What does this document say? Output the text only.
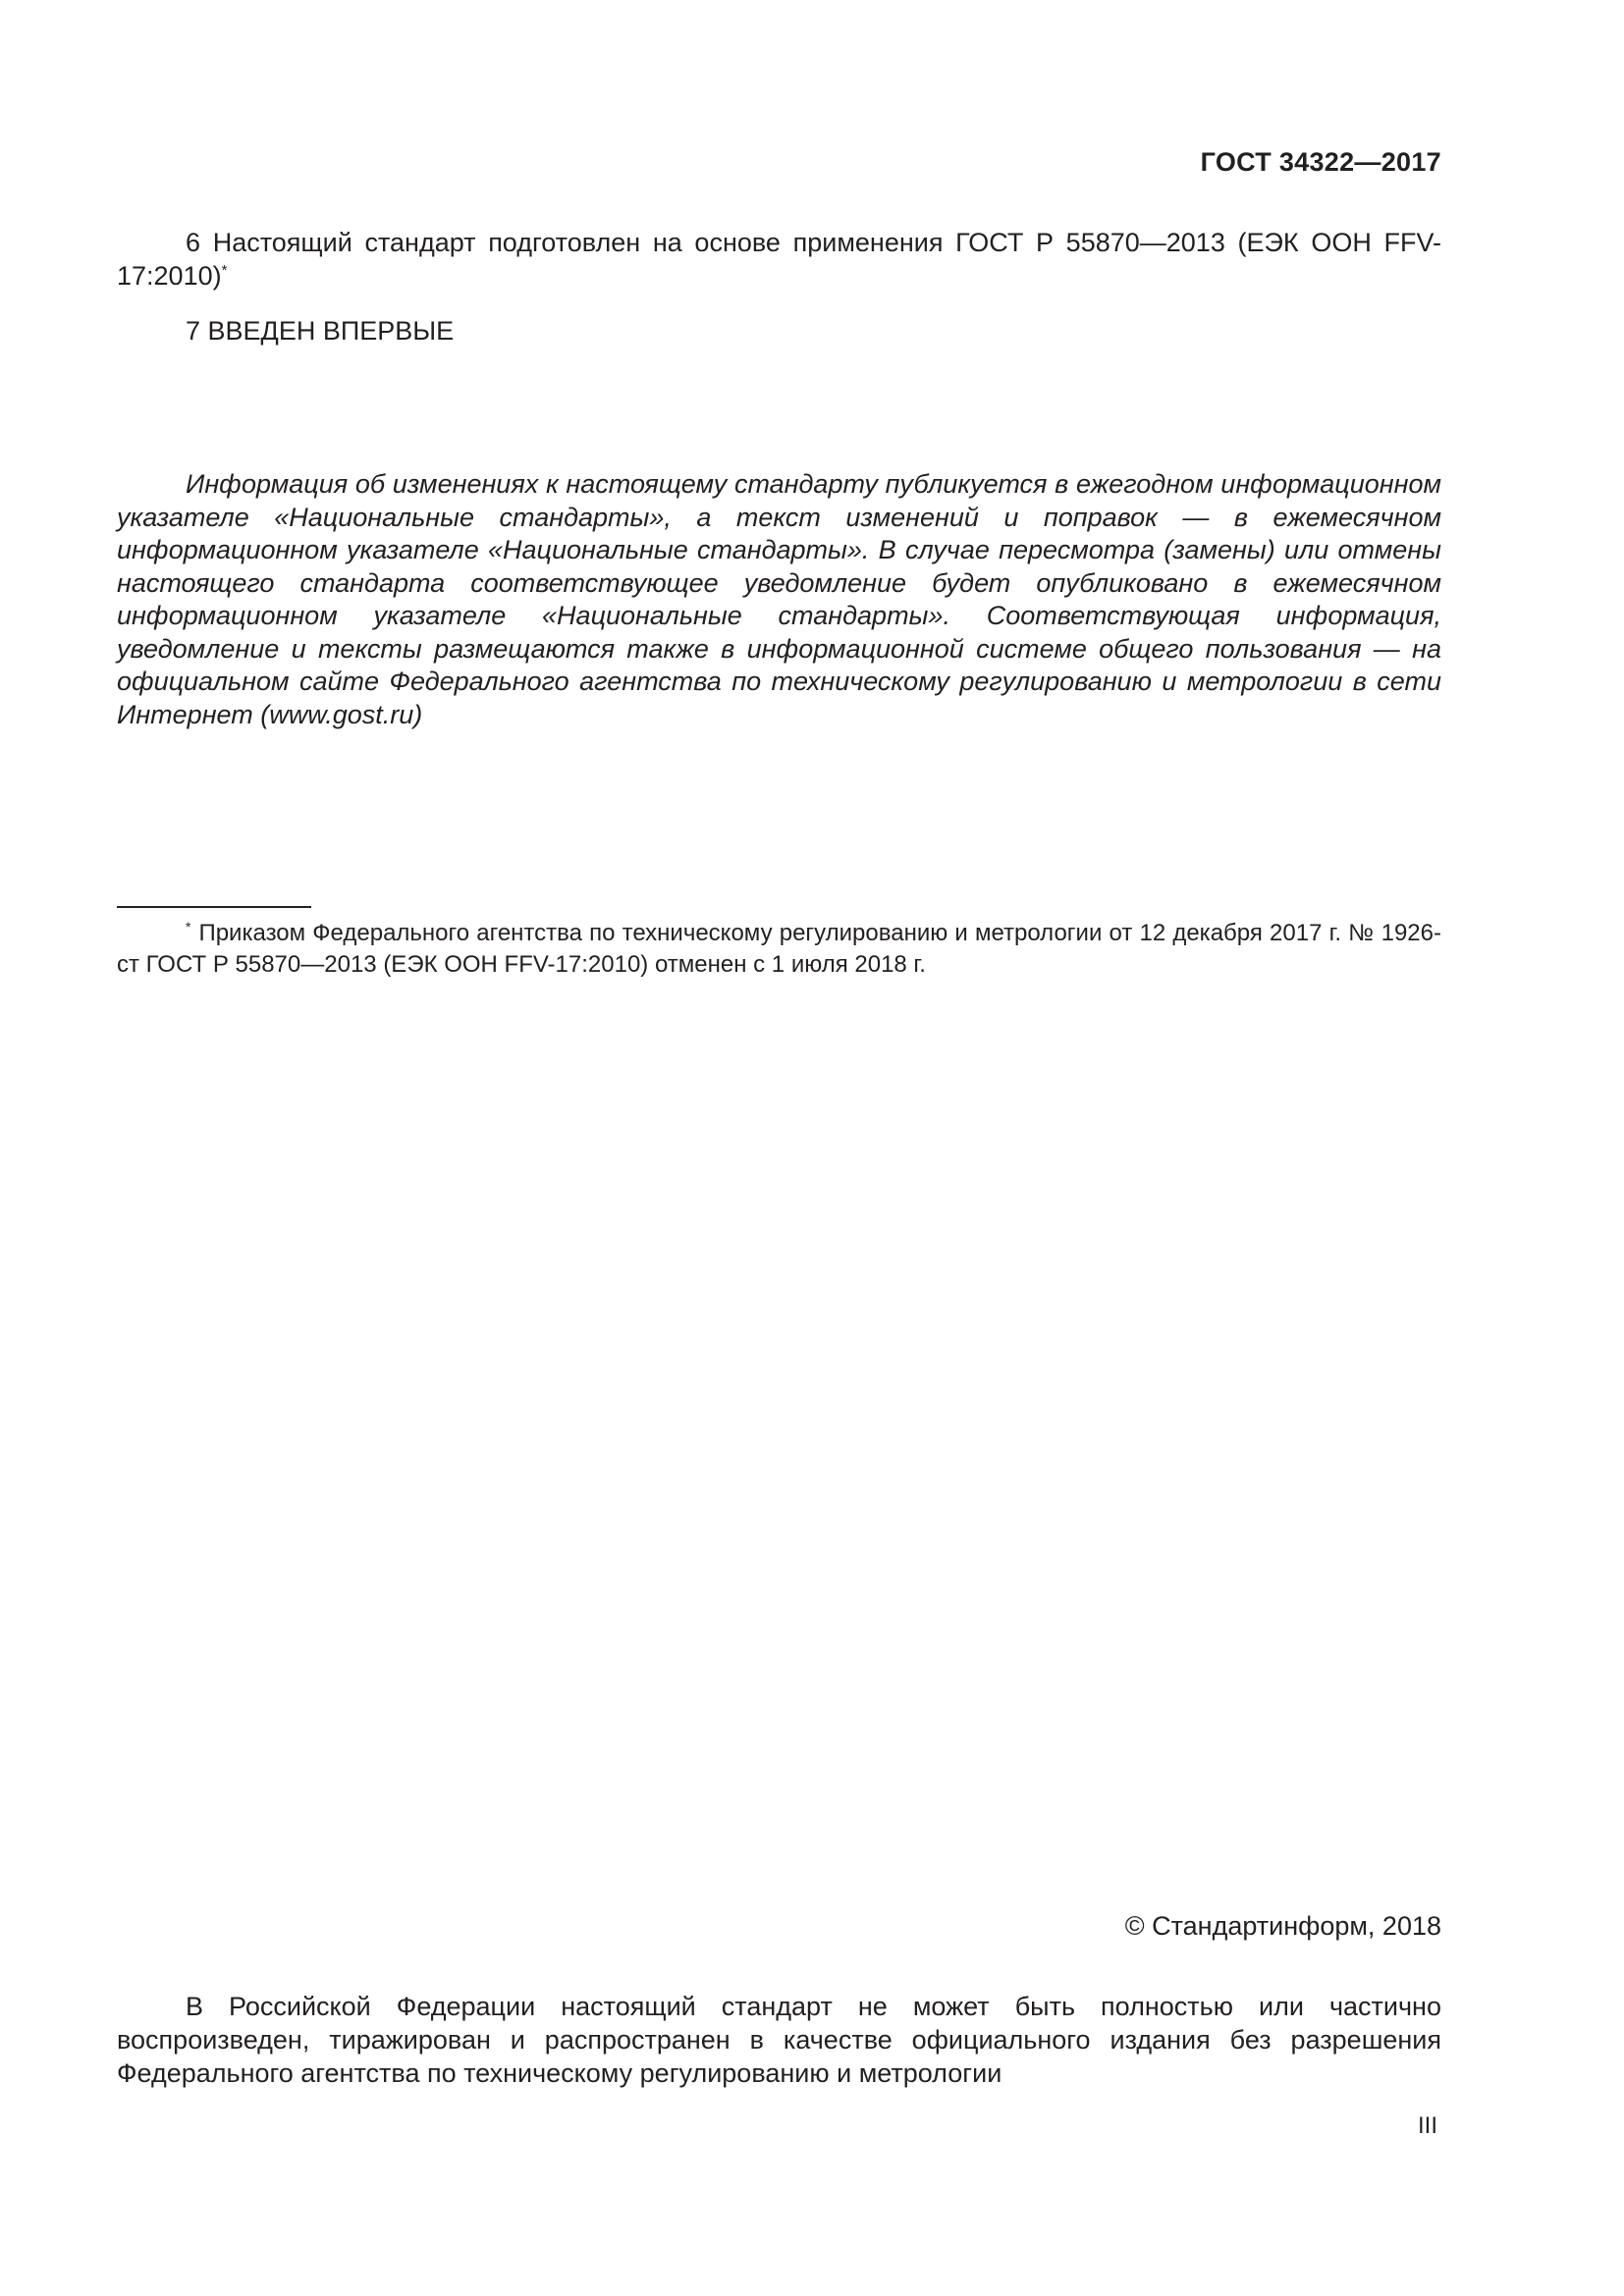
ГОСТ 34322—2017
6 Настоящий стандарт подготовлен на основе применения ГОСТ Р 55870—2013 (ЕЭК ООН FFV-17:2010)*
7 ВВЕДЕН ВПЕРВЫЕ
Информация об изменениях к настоящему стандарту публикуется в ежегодном информационном указателе «Национальные стандарты», а текст изменений и поправок — в ежемесячном информационном указателе «Национальные стандарты». В случае пересмотра (замены) или отмены настоящего стандарта соответствующее уведомление будет опубликовано в ежемесячном информационном указателе «Национальные стандарты». Соответствующая информация, уведомление и тексты размещаются также в информационной системе общего пользования — на официальном сайте Федерального агентства по техническому регулированию и метрологии в сети Интернет (www.gost.ru)
* Приказом Федерального агентства по техническому регулированию и метрологии от 12 декабря 2017 г. № 1926-ст ГОСТ Р 55870—2013 (ЕЭК ООН FFV-17:2010) отменен с 1 июля 2018 г.
© Стандартинформ, 2018
В Российской Федерации настоящий стандарт не может быть полностью или частично воспроизведен, тиражирован и распространен в качестве официального издания без разрешения Федерального агентства по техническому регулированию и метрологии
III
